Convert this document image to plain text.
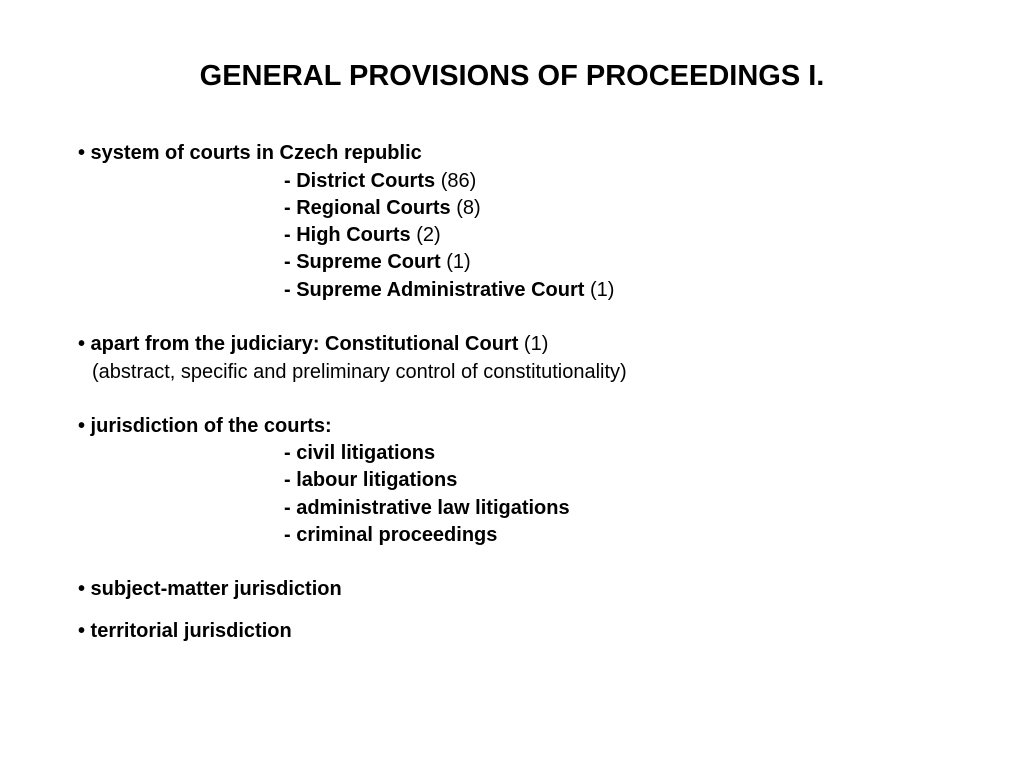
GENERAL PROVISIONS OF PROCEEDINGS I.
• system of courts in Czech republic
- District Courts (86)
- Regional Courts (8)
- High Courts (2)
- Supreme Court (1)
- Supreme Administrative Court (1)
• apart from the judiciary: Constitutional Court (1)
(abstract, specific and preliminary control of constitutionality)
• jurisdiction of the courts:
- civil litigations
- labour litigations
- administrative law litigations
- criminal proceedings
• subject-matter jurisdiction
• territorial jurisdiction
